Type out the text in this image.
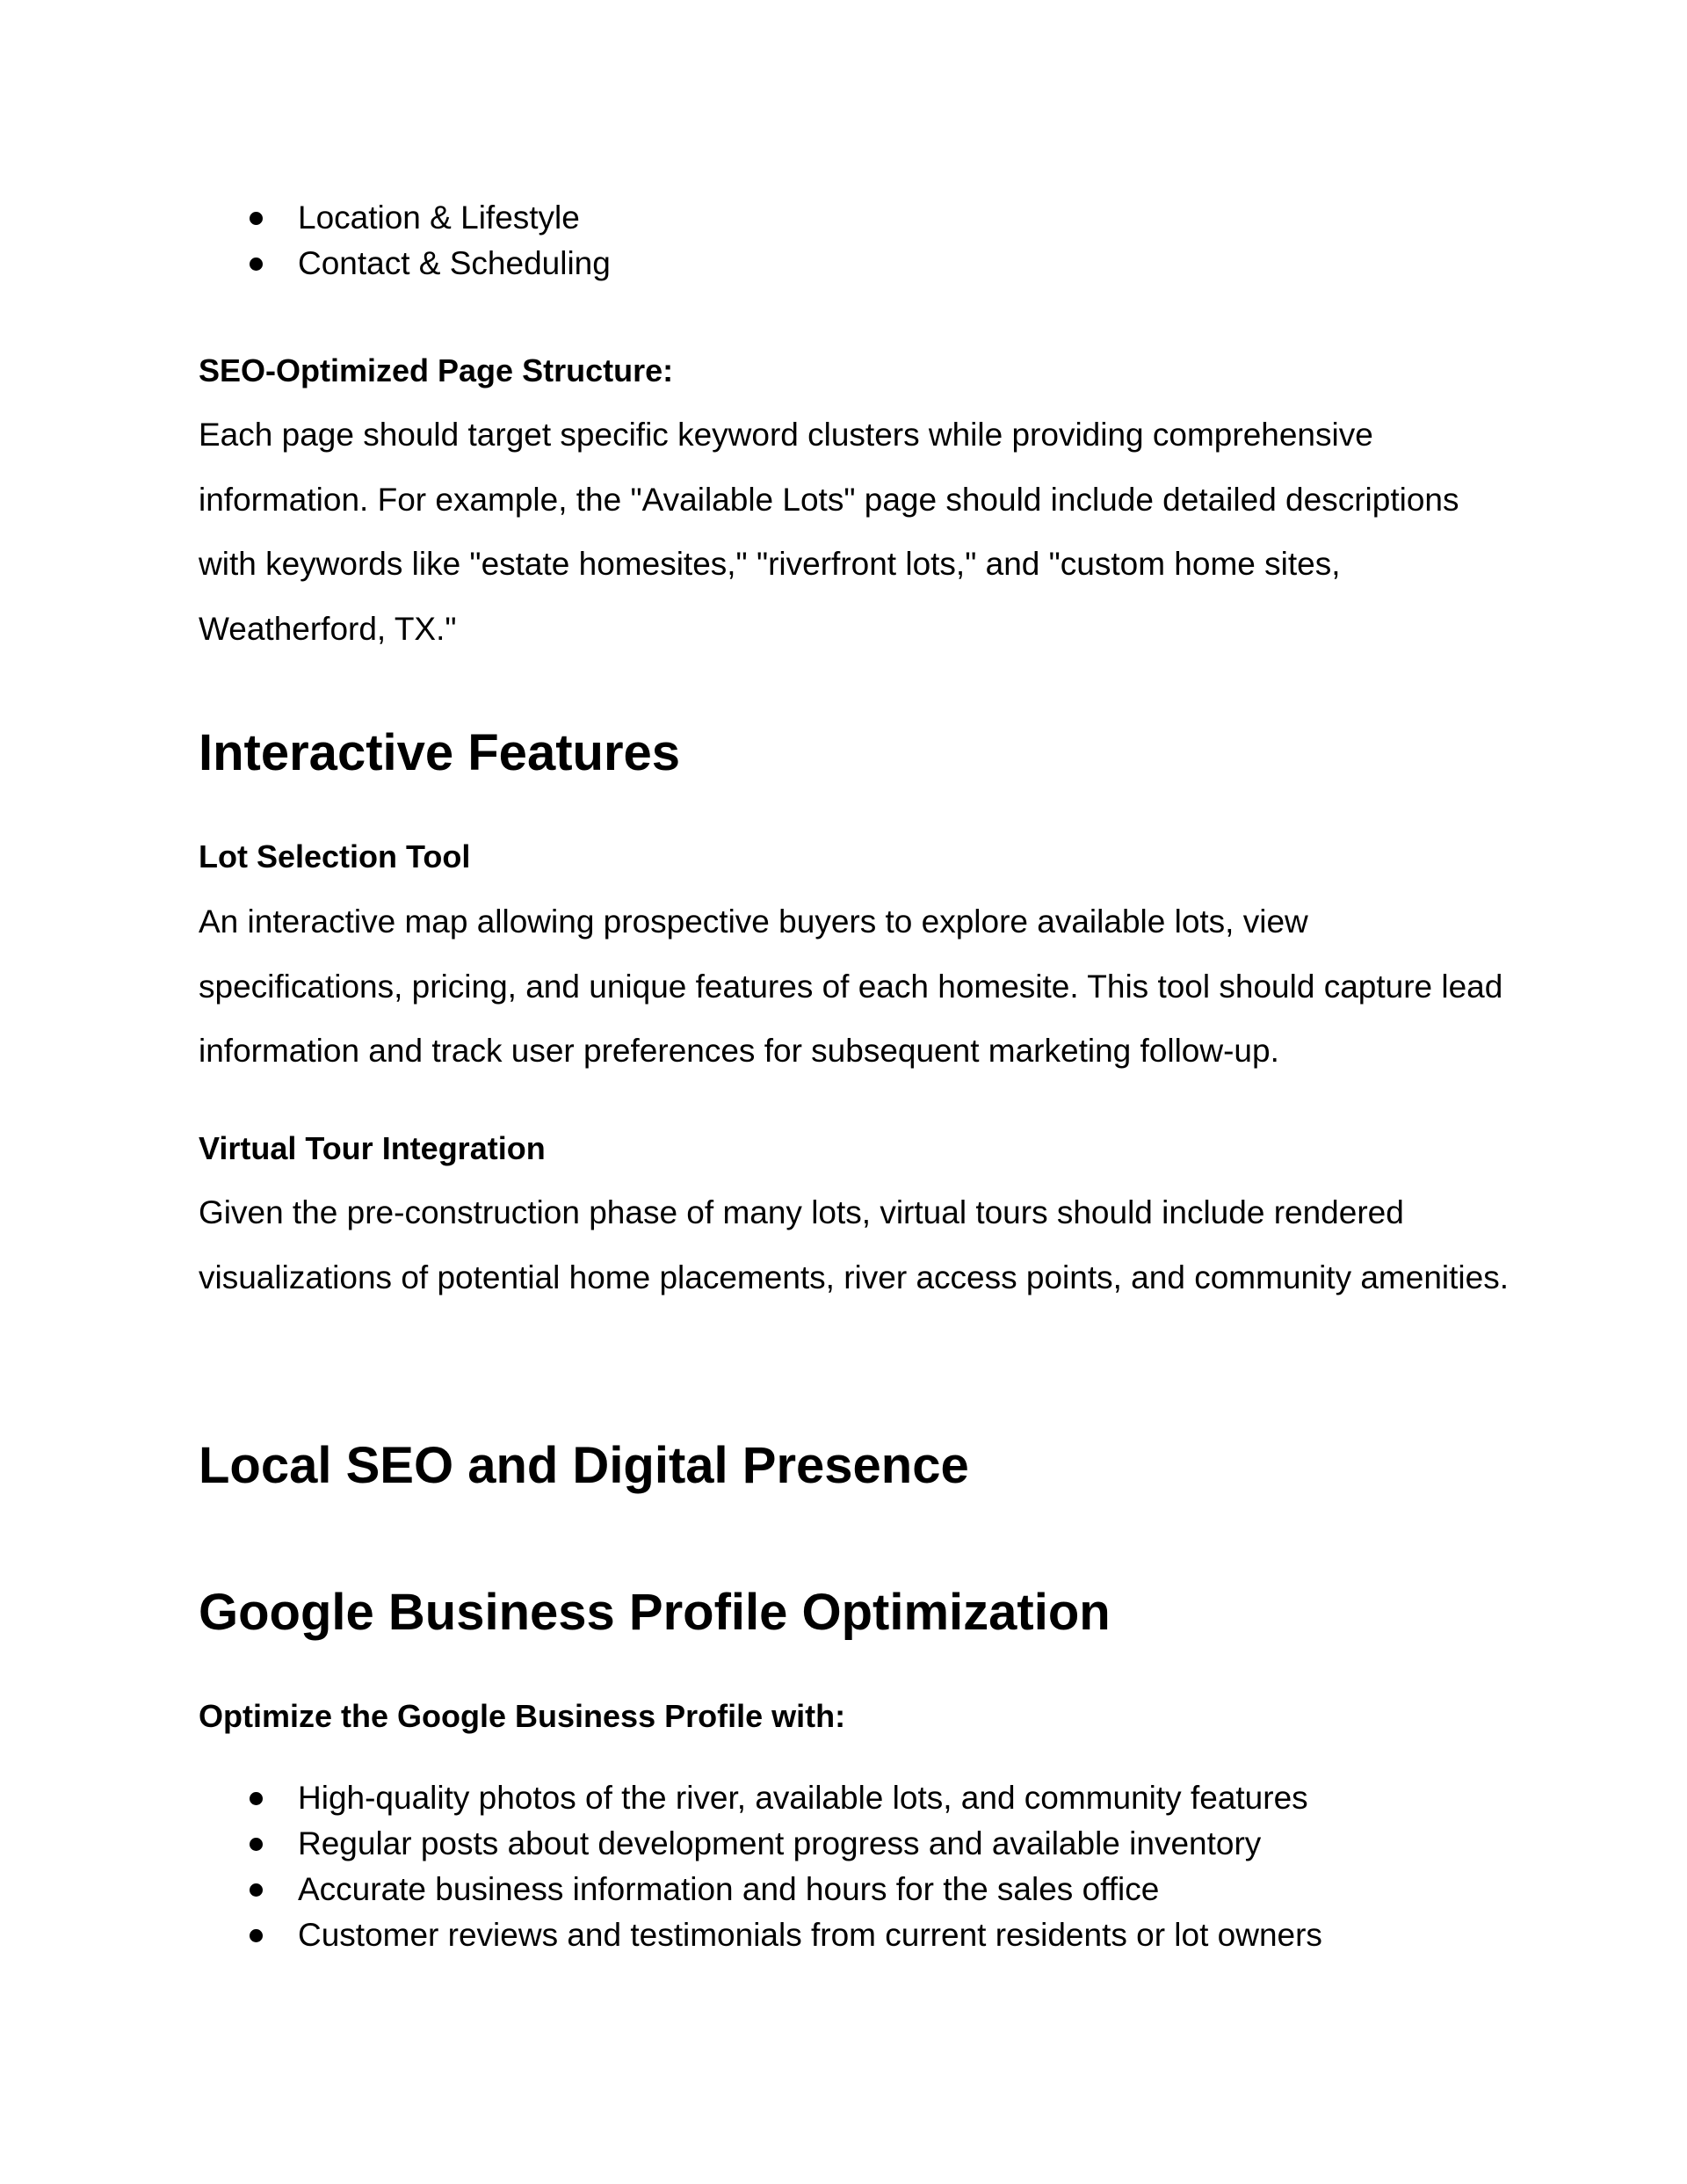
Location & Lifestyle
Contact & Scheduling
SEO-Optimized Page Structure:
Each page should target specific keyword clusters while providing comprehensive information. For example, the "Available Lots" page should include detailed descriptions with keywords like "estate homesites," "riverfront lots," and "custom home sites, Weatherford, TX."
Interactive Features
Lot Selection Tool
An interactive map allowing prospective buyers to explore available lots, view specifications, pricing, and unique features of each homesite. This tool should capture lead information and track user preferences for subsequent marketing follow-up.
Virtual Tour Integration
Given the pre-construction phase of many lots, virtual tours should include rendered visualizations of potential home placements, river access points, and community amenities.
Local SEO and Digital Presence
Google Business Profile Optimization
Optimize the Google Business Profile with:
High-quality photos of the river, available lots, and community features
Regular posts about development progress and available inventory
Accurate business information and hours for the sales office
Customer reviews and testimonials from current residents or lot owners
